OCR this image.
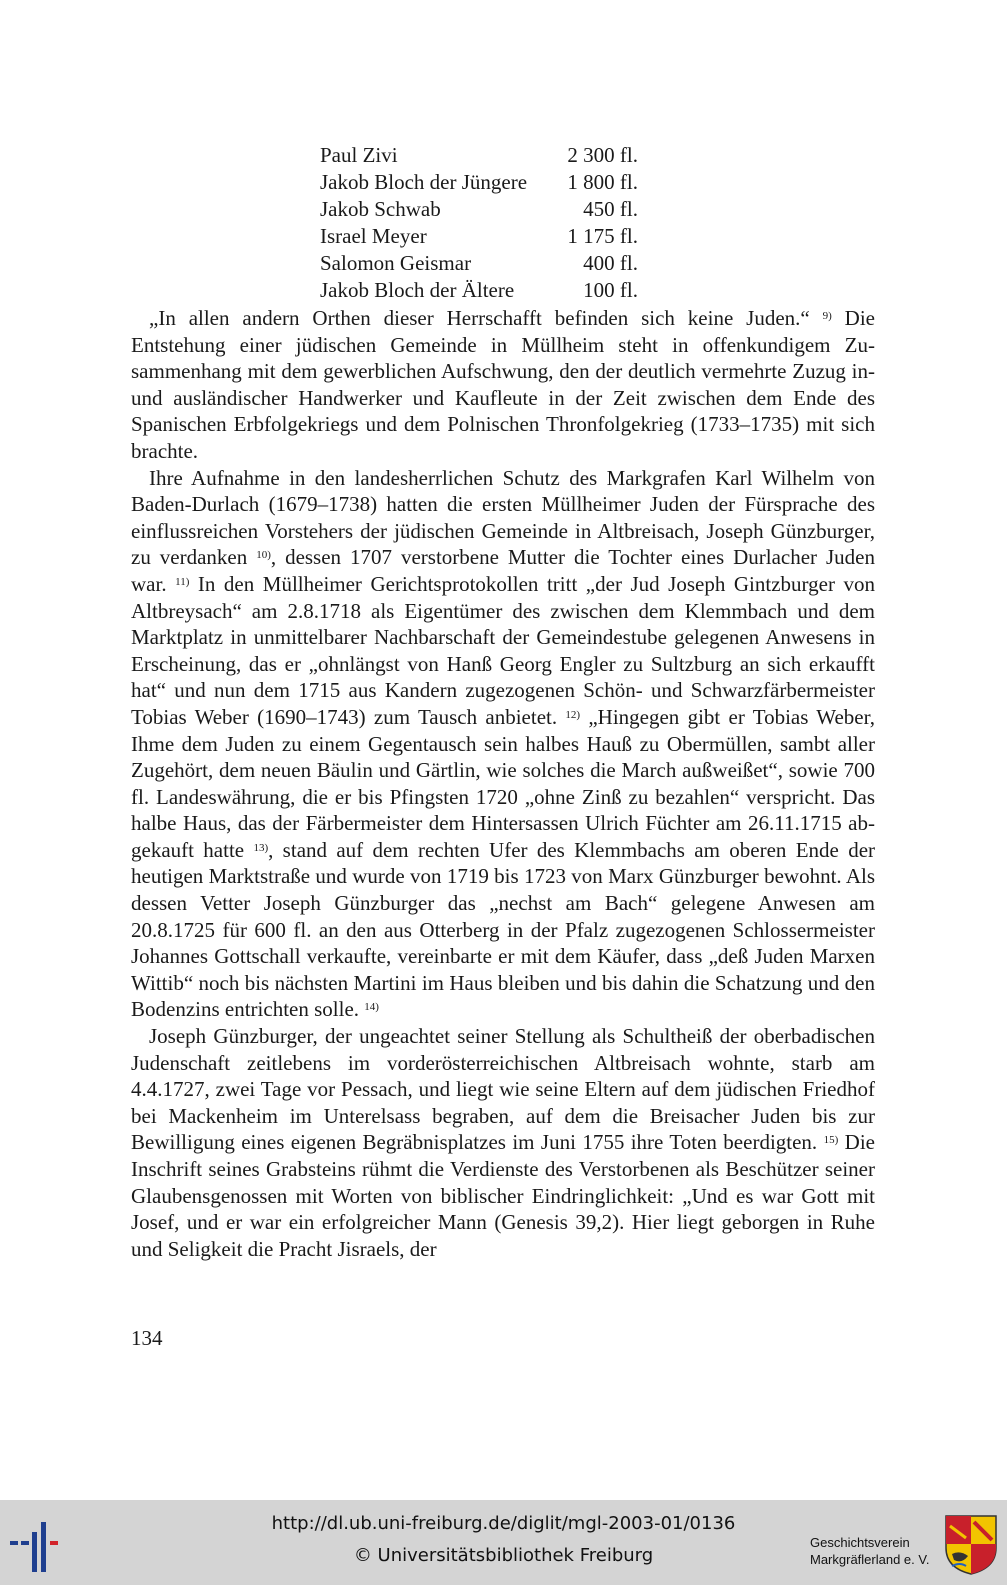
Paul Zivi	2 300 fl.
Jakob Bloch der Jüngere 1 800 fl.
Jakob Schwab	450 fl.
Israel Meyer	1 175 fl.
Salomon Geismar	400 fl.
Jakob Bloch der Ältere	100 fl.

„In allen andern Orthen dieser Herrschafft befinden sich keine Juden.“ $^{9)}$ Die Entstehung einer jüdischen Gemeinde in Müllheim steht in offenkundigem Zusammenhang mit dem gewerblichen Aufschwung, den der deutlich vermehrte Zuzug in- und ausländischer Handwerker und Kaufleute in der Zeit zwischen dem Ende des Spanischen Erbfolgekriegs und dem Polnischen Thronfolgekrieg (1733–1735) mit sich brachte.

Ihre Aufnahme in den landesherrlichen Schutz des Markgrafen Karl Wilhelm von Baden-Durlach (1679–1738) hatten die ersten Müllheimer Juden der Fürsprache des einflussreichen Vorstehers der jüdischen Gemeinde in Altbreisach, Joseph Günzburger, zu verdanken $^{10)}$, dessen 1707 verstorbene Mutter die Tochter eines Durlacher Juden war. $^{11)}$ In den Müllheimer Gerichtsprotokollen tritt „der Jud Joseph Gintzburger von Altbreysach“ am 2.8.1718 als Eigentümer des zwischen dem Klemmbach und dem Marktplatz in unmittelbarer Nachbarschaft der Gemeindestube gelegenen Anwesens in Erscheinung, das er „ohnlängst von Hanß Georg Engler zu Sultzburg an sich erkaufft hat“ und nun dem 1715 aus Kandern zugezogenen Schön- und Schwarzfärbermeister Tobias Weber (1690–1743) zum Tausch anbietet. $^{12)}$ „Hingegen gibt er Tobias Weber, Ihme dem Juden zu einem Gegentausch sein halbes Hauß zu Obermüllen, sambt aller Zugehört, dem neuen Bäulin und Gärtlin, wie solches die March außweißet“, sowie 700 fl. Landeswährung, die er bis Pfingsten 1720 „ohne Zinß zu bezahlen“ verspricht. Das halbe Haus, das der Färbermeister dem Hintersassen Ulrich Füchter am 26.11.1715 abgekauft hatte $^{13)}$, stand auf dem rechten Ufer des Klemmbachs am oberen Ende der heutigen Marktstraße und wurde von 1719 bis 1723 von Marx Günzburger bewohnt. Als dessen Vetter Joseph Günzburger das „nechst am Bach“ gelegene Anwesen am 20.8.1725 für 600 fl. an den aus Otterberg in der Pfalz zugezogenen Schlossermeister Johannes Gottschall verkaufte, vereinbarte er mit dem Käufer, dass „deß Juden Marxen Wittib“ noch bis nächsten Martini im Haus bleiben und bis dahin die Schatzung und den Bodenzins entrichten solle. $^{14)}$

Joseph Günzburger, der ungeachtet seiner Stellung als Schultheiß der oberbadischen Judenschaft zeitlebens im vorderösterreichischen Altbreisach wohnte, starb am 4.4.1727, zwei Tage vor Pessach, und liegt wie seine Eltern auf dem jüdischen Friedhof bei Mackenheim im Unterelsass begraben, auf dem die Breisacher Juden bis zur Bewilligung eines eigenen Begräbnisplatzes im Juni 1755 ihre Toten beerdigten. $^{15)}$ Die Inschrift seines Grabsteins rühmt die Verdienste des Verstorbenen als Beschützer seiner Glaubensgenossen mit Worten von biblischer Eindringlichkeit: „Und es war Gott mit Josef, und er war ein erfolgreicher Mann (Genesis 39,2). Hier liegt geborgen in Ruhe und Seligkeit die Pracht Jisraels, der

134
http://dl.ub.uni-freiburg.de/diglit/mgl-2003-01/0136
© Universitätsbibliothek Freiburg
Geschichtsverein
Markgräflerland e. V.
